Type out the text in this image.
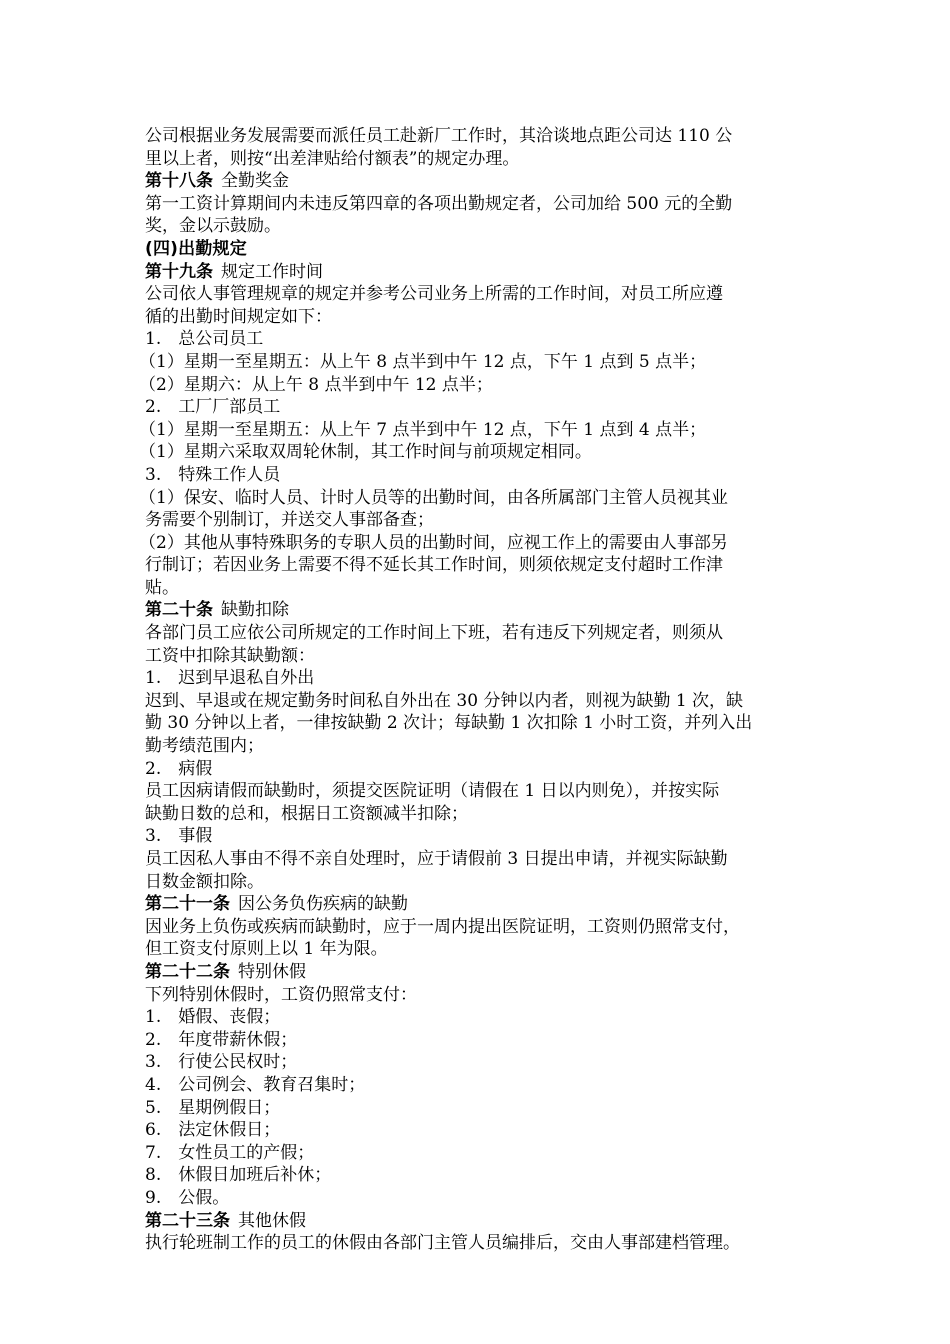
公司根据业务发展需要而派任员工赴新厂工作时，其洽谈地点距公司达 110 公
里以上者，则按“出差津贴给付额表”的规定办理。
第十八条 全勤奖金
第一工资计算期间内未违反第四章的各项出勤规定者，公司加给 500 元的全勤
奖，金以示鼓励。
(四)出勤规定
第十九条 规定工作时间
公司依人事管理规章的规定并参考公司业务上所需的工作时间，对员工所应遵
循的出勤时间规定如下：
1.　总公司员工
（1）星期一至星期五：从上午 8 点半到中午 12 点，下午 1 点到 5 点半；
（2）星期六：从上午 8 点半到中午 12 点半；
2.　工厂厂部员工
（1）星期一至星期五：从上午 7 点半到中午 12 点，下午 1 点到 4 点半；
（1）星期六采取双周轮休制，其工作时间与前项规定相同。
3.　特殊工作人员
（1）保安、临时人员、计时人员等的出勤时间，由各所属部门主管人员视其业
务需要个别制订，并送交人事部备查；
（2）其他从事特殊职务的专职人员的出勤时间，应视工作上的需要由人事部另
行制订；若因业务上需要不得不延长其工作时间，则须依规定支付超时工作津
贴。
第二十条 缺勤扣除
各部门员工应依公司所规定的工作时间上下班，若有违反下列规定者，则须从
工资中扣除其缺勤额：
1.　迟到早退私自外出
迟到、早退或在规定勤务时间私自外出在 30 分钟以内者，则视为缺勤 1 次，缺
勤 30 分钟以上者，一律按缺勤 2 次计；每缺勤 1 次扣除 1 小时工资，并列入出
勤考绩范围内；
2.　病假
员工因病请假而缺勤时，须提交医院证明（请假在 1 日以内则免），并按实际
缺勤日数的总和，根据日工资额减半扣除；
3.　事假
员工因私人事由不得不亲自处理时，应于请假前 3 日提出申请，并视实际缺勤
日数金额扣除。
第二十一条 因公务负伤疾病的缺勤
因业务上负伤或疾病而缺勤时，应于一周内提出医院证明，工资则仍照常支付，
但工资支付原则上以 1 年为限。
第二十二条 特别休假
下列特别休假时，工资仍照常支付：
1.　婚假、丧假；
2.　年度带薪休假；
3.　行使公民权时；
4.　公司例会、教育召集时；
5.　星期例假日；
6.　法定休假日；
7.　女性员工的产假；
8.　休假日加班后补休；
9.　公假。
第二十三条 其他休假
执行轮班制工作的员工的休假由各部门主管人员编排后，交由人事部建档管理。
